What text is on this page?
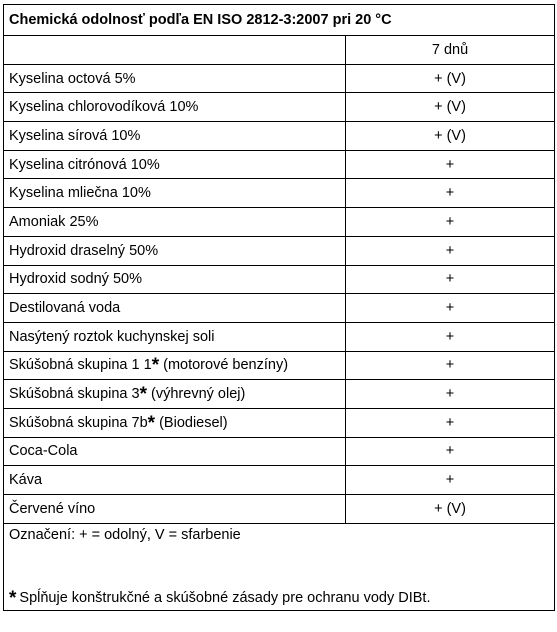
Chemická odolnosť podľa EN ISO 2812-3:2007 pri 20 °C	
	7 dnů
Kyselina octová 5%	+ (V)
Kyselina chlorovodíková 10%	+ (V)
Kyselina sírová 10%	+ (V)
Kyselina citrónová 10%	+
Kyselina mliečna 10%	+
Amoniak 25%	+
Hydroxid draselný 50%	+
Hydroxid sodný 50%	+
Destilovaná voda	+
Nasýtený roztok kuchynskej soli	+
Skúšobná skupina 1 1* (motorové benzíny)	+
Skúšobná skupina 3* (výhrevný olej)	+
Skúšobná skupina 7b* (Biodiesel)	+
Coca-Cola	+
Káva	+
Červené víno	+ (V)
Označení: + = odolný, V = sfarbenie
* Spĺňuje konštrukčné a skúšobné zásady pre ochranu vody DIBt.	
